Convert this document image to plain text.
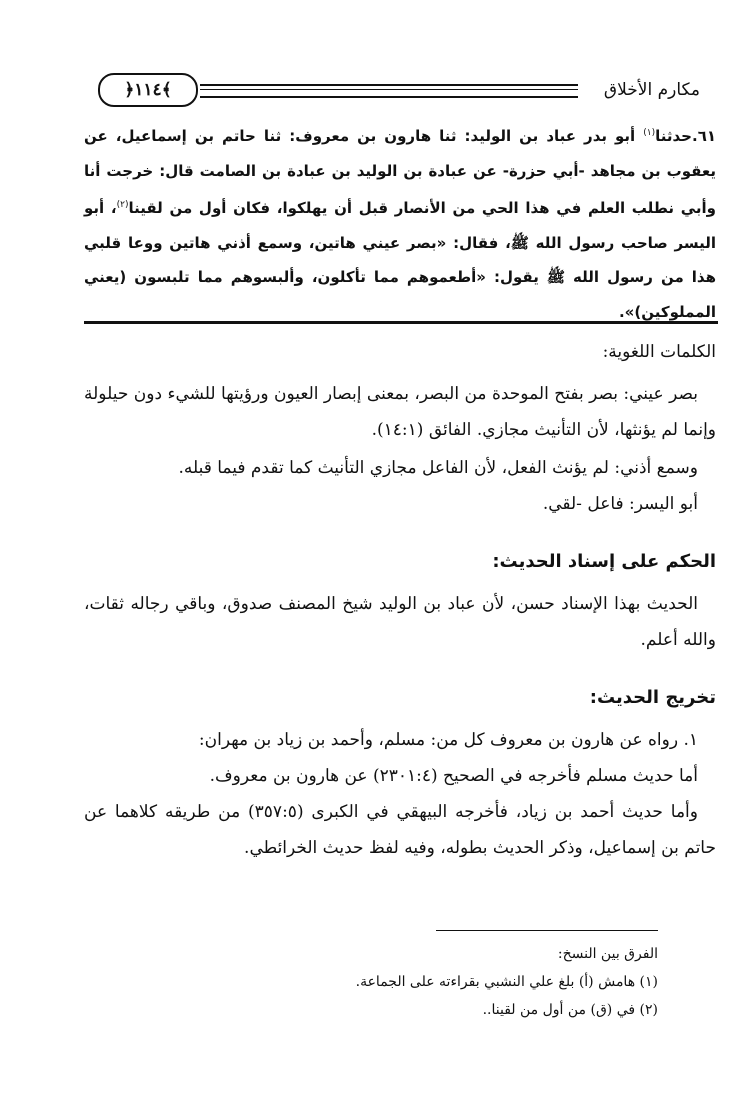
﴿١١٤﴾	مكارم الأخلاق

٦١.حدثنا$^{(١)}$ أبو بدر عباد بن الوليد: ثنا هارون بن معروف: ثنا حاتم بن إسماعيل، عن يعقوب بن مجاهد -أبي حزرة- عن عبادة بن الوليد بن عبادة بن الصامت قال: خرجت أنا وأبي نطلب العلم في هذا الحي من الأنصار قبل أن يهلكوا، فكان أول من لقينا$^{(٢)}$، أبو اليسر صاحب رسول الله ﷺ، فقال: «بصر عيني هاتين، وسمع أذني هاتين ووعا قلبي هذا من رسول الله ﷺ يقول: «أطعموهم مما تأكلون، وألبسوهم مما تلبسون (يعني المملوكين)».

الكلمات اللغوية:

بصر عيني: بصر بفتح الموحدة من البصر، بمعنى إبصار العيون ورؤيتها للشيء دون حيلولة وإنما لم يؤنثها، لأن التأنيث مجازي. الفائق (١٤:١).

وسمع أذني: لم يؤنث الفعل، لأن الفاعل مجازي التأنيث كما تقدم فيما قبله.

أبو اليسر: فاعل -لقي.

الحكم على إسناد الحديث:

الحديث بهذا الإسناد حسن، لأن عباد بن الوليد شيخ المصنف صدوق، وباقي رجاله ثقات، والله أعلم.

تخريج الحديث:

١. رواه عن هارون بن معروف كل من: مسلم، وأحمد بن زياد بن مهران:

أما حديث مسلم فأخرجه في الصحيح (٢٣٠١:٤) عن هارون بن معروف.

وأما حديث أحمد بن زياد، فأخرجه البيهقي في الكبرى (٣٥٧:٥) من طريقه كلاهما عن حاتم بن إسماعيل، وذكر الحديث بطوله، وفيه لفظ حديث الخرائطي.

الفرق بين النسخ:

(١) هامش (أ) بلغ علي النشبي بقراءته على الجماعة.

(٢) في (ق) من أول من لقينا..
